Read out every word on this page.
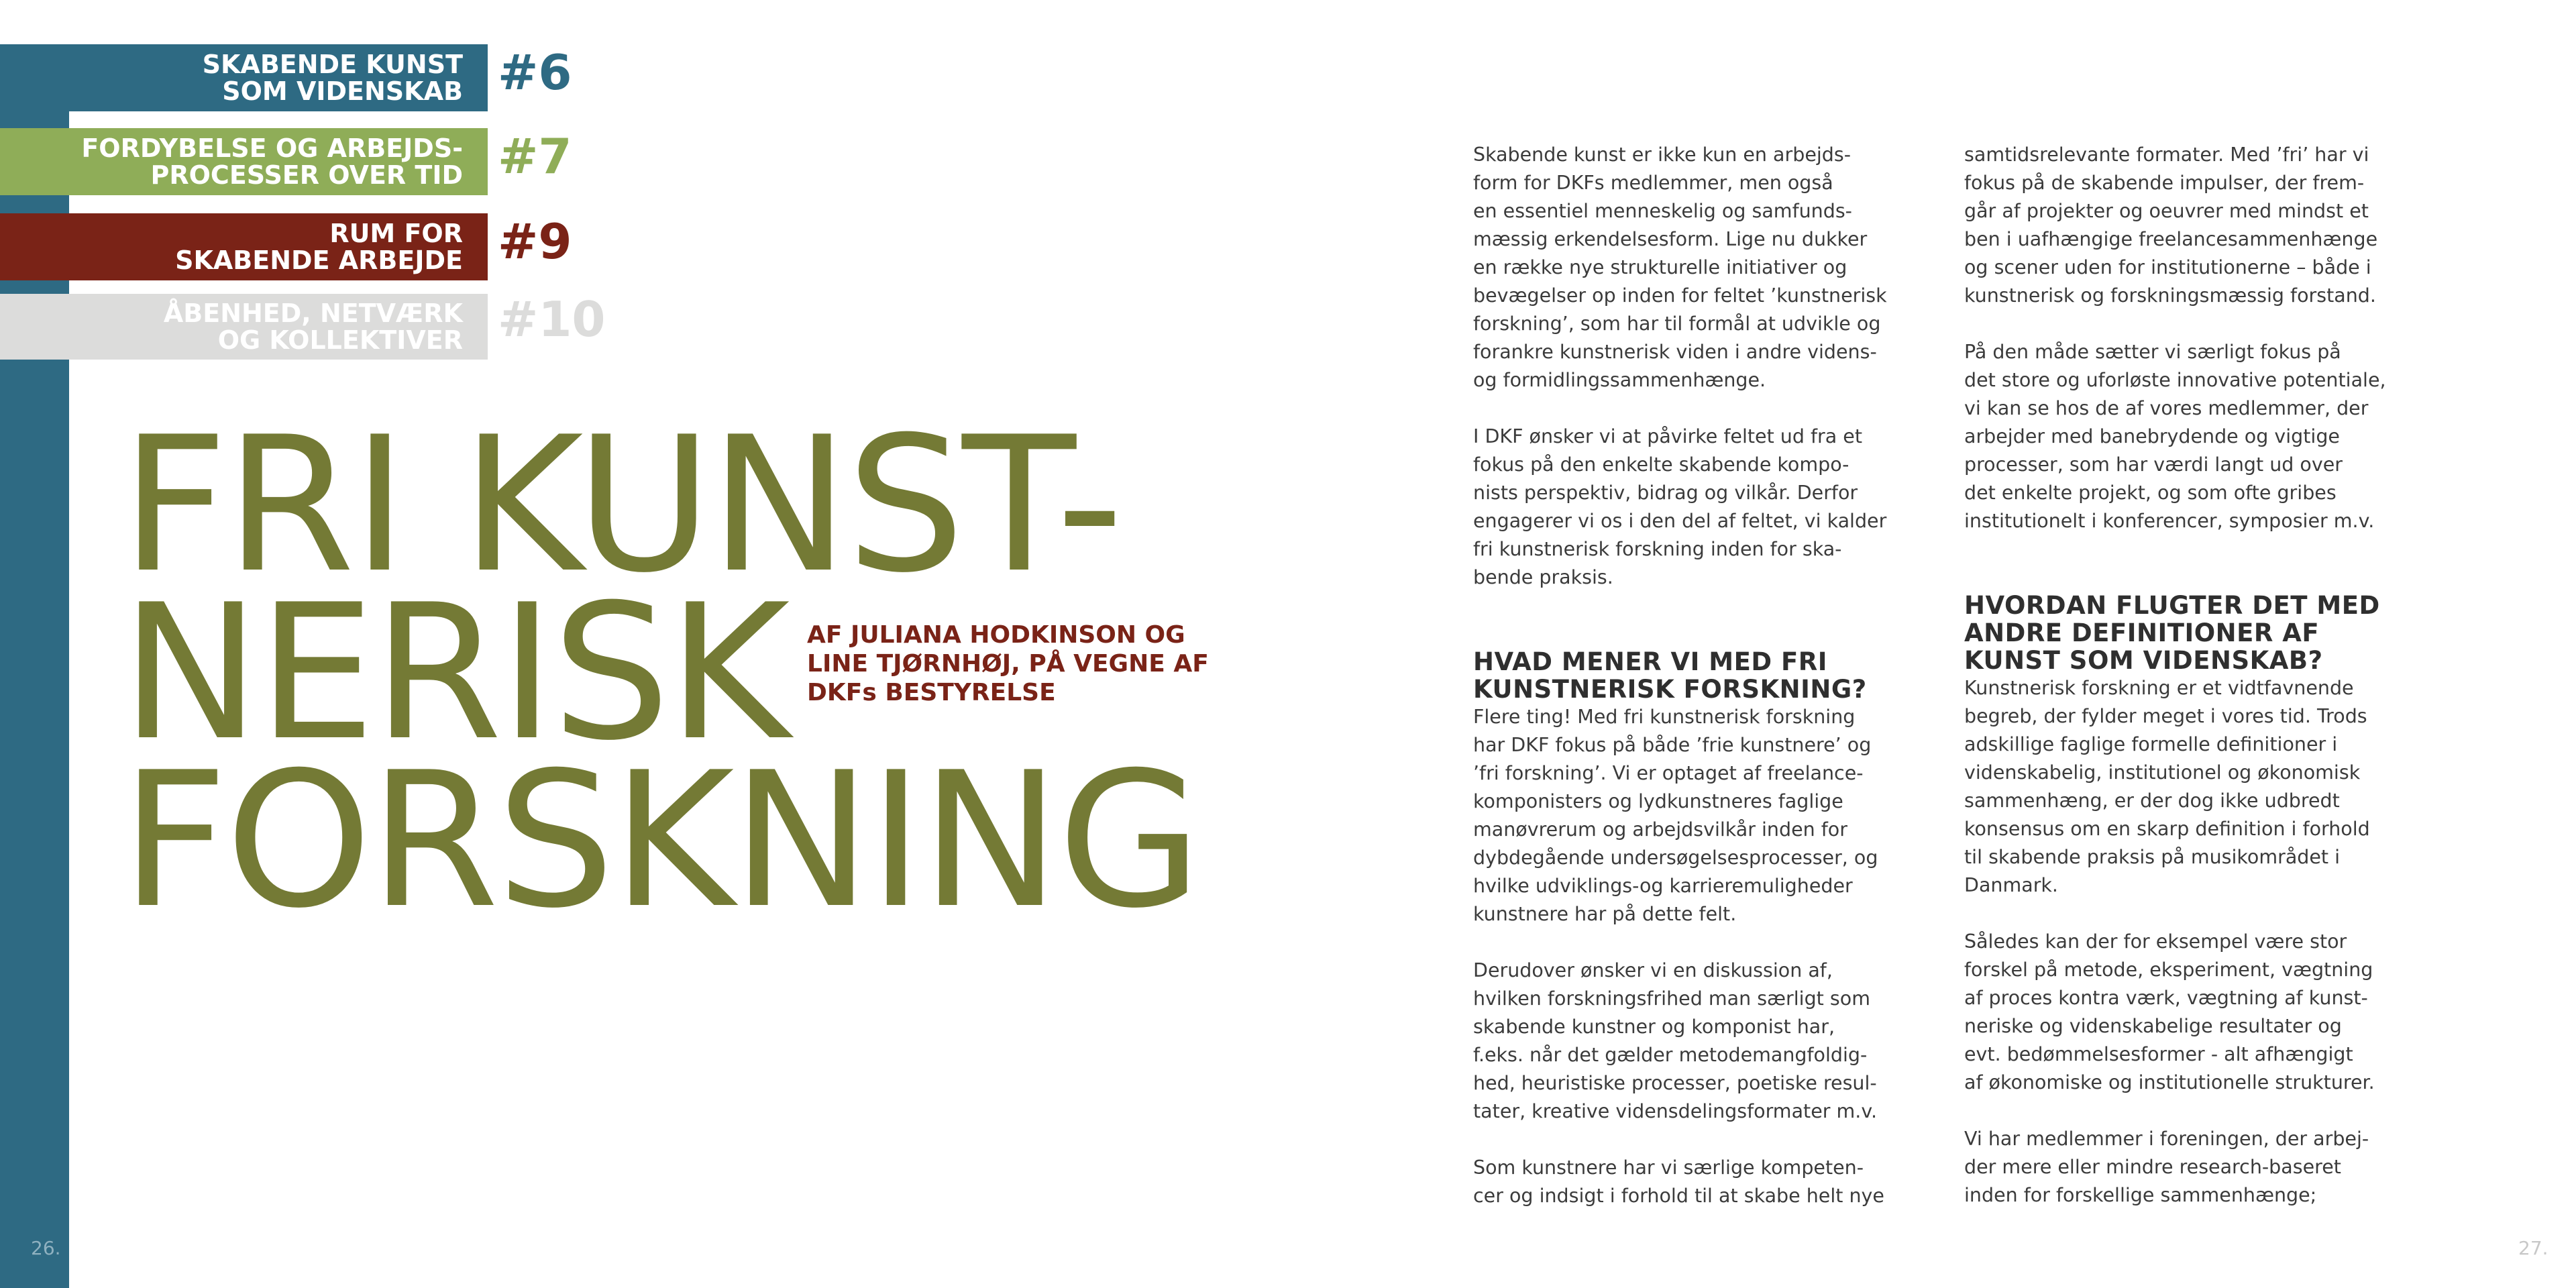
SKABENDE KUNST
SOM VIDENSKAB #6
FORDYBELSE OG ARBEJDS-
PROCESSER OVER TID #7
RUM FOR
SKABENDE ARBEJDE #9
ÅBENHED, NETVÆRK
OG KOLLEKTIVER #10
FRI KUNST-
NERISK
FORSKNING
AF JULIANA HODKINSON OG
LINE TJØRNHØJ, PÅ VEGNE AF
DKFs BESTYRELSE
26.
Skabende kunst er ikke kun en arbejds-
form for DKFs medlemmer, men også
en essentiel menneskelig og samfunds-
mæssig erkendelsesform. Lige nu dukker
en række nye strukturelle initiativer og
bevægelser op inden for feltet ’kunstnerisk
forskning’, som har til formål at udvikle og
forankre kunstnerisk viden i andre videns-
og formidlingssammenhænge.
I DKF ønsker vi at påvirke feltet ud fra et
fokus på den enkelte skabende kompo-
nists perspektiv, bidrag og vilkår. Derfor
engagerer vi os i den del af feltet, vi kalder
fri kunstnerisk forskning inden for ska-
bende praksis.
HVAD MENER VI MED FRI
KUNSTNERISK FORSKNING?
Flere ting! Med fri kunstnerisk forskning
har DKF fokus på både ’frie kunstnere’ og
’fri forskning’. Vi er optaget af freelance-
komponisters og lydkunstneres faglige
manøvrerum og arbejdsvilkår inden for
dybdegående undersøgelsesprocesser, og
hvilke udviklings-og karrieremuligheder
kunstnere har på dette felt.
Derudover ønsker vi en diskussion af,
hvilken forskningsfrihed man særligt som
skabende kunstner og komponist har,
f.eks. når det gælder metodemangfoldig-
hed, heuristiske processer, poetiske resul-
tater, kreative vidensdelingsformater m.v.
Som kunstnere har vi særlige kompeten-
cer og indsigt i forhold til at skabe helt nye
samtidsrelevante formater. Med ’fri’ har vi
fokus på de skabende impulser, der frem-
går af projekter og oeuvrer med mindst et
ben i uafhængige freelancesammenhænge
og scener uden for institutionerne – både i
kunstnerisk og forskningsmæssig forstand.
På den måde sætter vi særligt fokus på
det store og uforløste innovative potentiale,
vi kan se hos de af vores medlemmer, der
arbejder med banebrydende og vigtige
processer, som har værdi langt ud over
det enkelte projekt, og som ofte gribes
institutionelt i konferencer, symposier m.v.
HVORDAN FLUGTER DET MED
ANDRE DEFINITIONER AF
KUNST SOM VIDENSKAB?
Kunstnerisk forskning er et vidtfavnende
begreb, der fylder meget i vores tid. Trods
adskillige faglige formelle definitioner i
videnskabelig, institutionel og økonomisk
sammenhæng, er der dog ikke udbredt
konsensus om en skarp definition i forhold
til skabende praksis på musikområdet i
Danmark.
Således kan der for eksempel være stor
forskel på metode, eksperiment, vægtning
af proces kontra værk, vægtning af kunst-
neriske og videnskabelige resultater og
evt. bedømmelsesformer - alt afhængigt
af økonomiske og institutionelle strukturer.
Vi har medlemmer i foreningen, der arbej-
der mere eller mindre research-baseret
inden for forskellige sammenhænge;
27.
